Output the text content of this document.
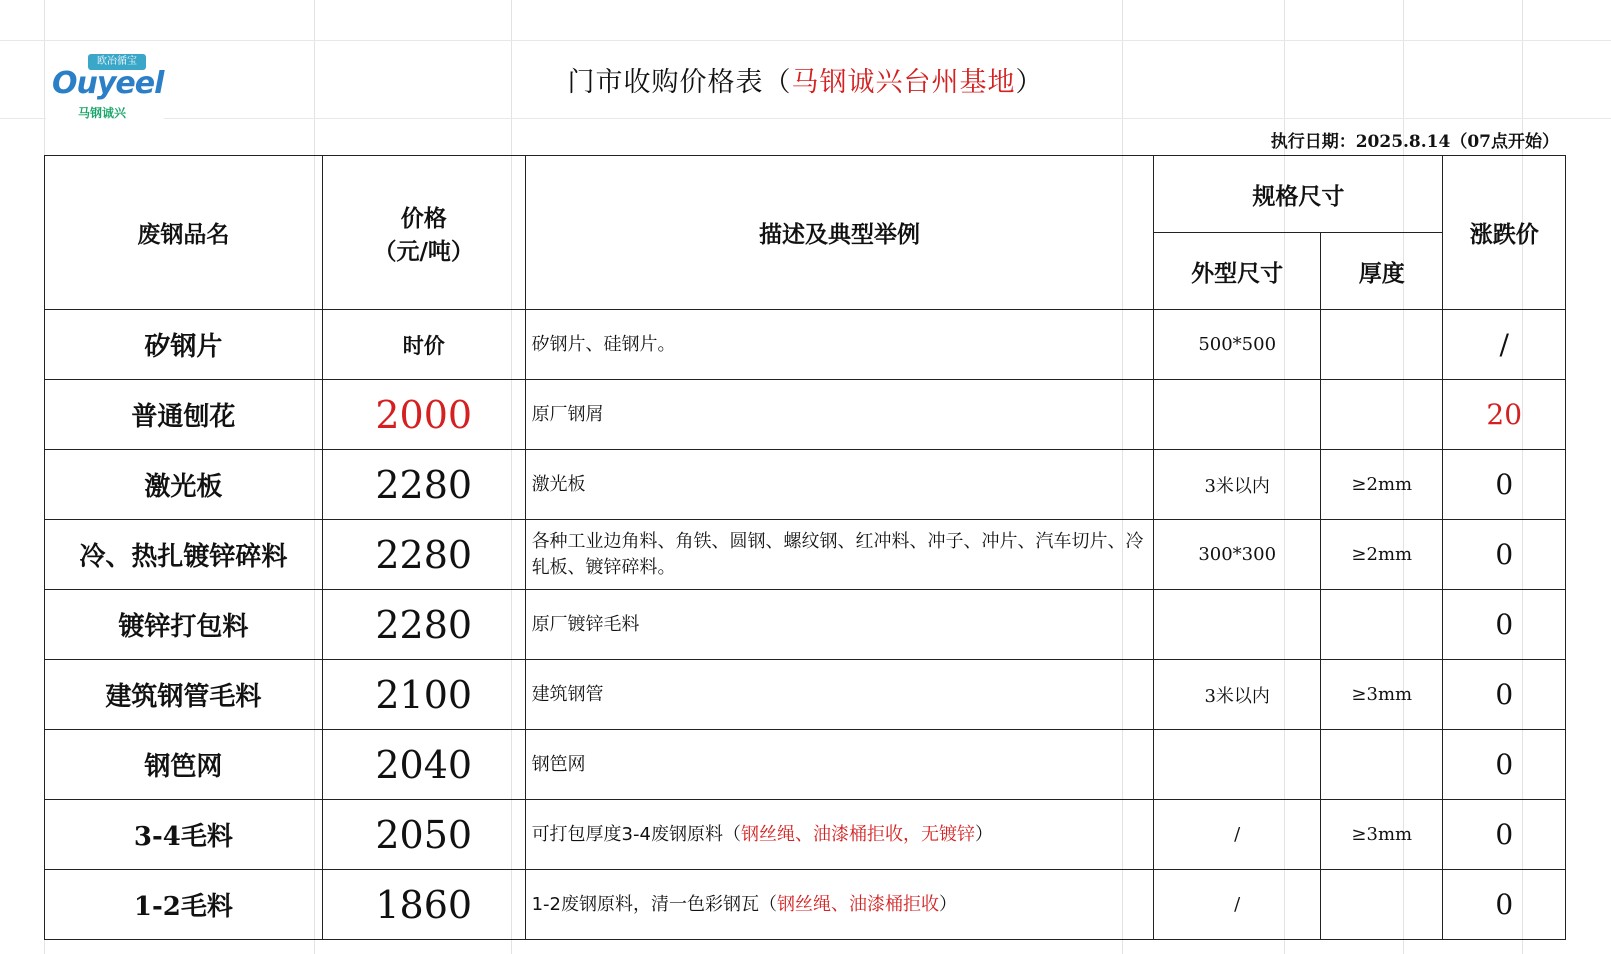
欧冶循宝
Ouyeel
马钢诚兴
门市收购价格表（马钢诚兴台州基地）
执行日期：2025.8.14（07点开始）
废钢品名	价格
（元/吨）	描述及典型举例	规格尺寸		涨跌价
			外型尺寸	厚度	
矽钢片	时价	矽钢片、硅钢片。	500*500		/
普通刨花	2000	原厂钢屑			20
激光板	2280	激光板	3米以内	≥2mm	0
冷、热扎镀锌碎料	2280	各种工业边角料、角铁、圆钢、螺纹钢、红冲料、冲子、冲片、汽车切片、冷轧板、镀锌碎料。	300*300	≥2mm	0
镀锌打包料	2280	原厂镀锌毛料			0
建筑钢管毛料	2100	建筑钢管	3米以内	≥3mm	0
钢笆网	2040	钢笆网			0
3-4毛料	2050	可打包厚度3-4废钢原料（钢丝绳、油漆桶拒收，无镀锌）	/	≥3mm	0
1-2毛料	1860	1-2废钢原料，清一色彩钢瓦（钢丝绳、油漆桶拒收）	/		0
